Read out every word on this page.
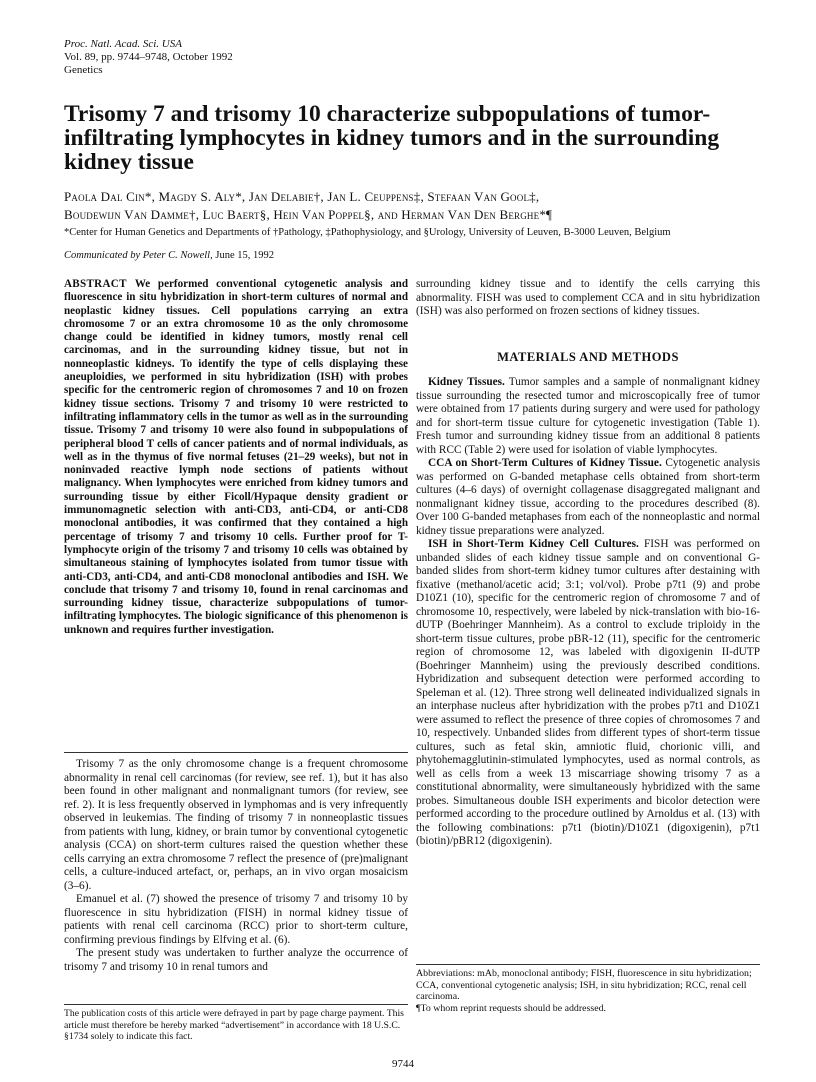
Proc. Natl. Acad. Sci. USA
Vol. 89, pp. 9744–9748, October 1992
Genetics
Trisomy 7 and trisomy 10 characterize subpopulations of tumor-infiltrating lymphocytes in kidney tumors and in the surrounding kidney tissue
Paola Dal Cin*, Magdy S. Aly*, Jan Delabie†, Jan L. Ceuppens‡, Stefaan Van Gool‡,
Boudewijn Van Damme†, Luc Baert§, Hein Van Poppel§, and Herman Van Den Berghe*¶
*Center for Human Genetics and Departments of †Pathology, ‡Pathophysiology, and §Urology, University of Leuven, B-3000 Leuven, Belgium
Communicated by Peter C. Nowell, June 15, 1992

ABSTRACT We performed conventional cytogenetic analysis and fluorescence in situ hybridization in short-term cultures of normal and neoplastic kidney tissues. Cell populations carrying an extra chromosome 7 or an extra chromosome 10 as the only chromosome change could be identified in kidney tumors, mostly renal cell carcinomas, and in the surrounding kidney tissue, but not in nonneoplastic kidneys. To identify the type of cells displaying these aneuploidies, we performed in situ hybridization (ISH) with probes specific for the centromeric region of chromosomes 7 and 10 on frozen kidney tissue sections. Trisomy 7 and trisomy 10 were restricted to infiltrating inflammatory cells in the tumor as well as in the surrounding tissue. Trisomy 7 and trisomy 10 were also found in subpopulations of peripheral blood T cells of cancer patients and of normal individuals, as well as in the thymus of five normal fetuses (21–29 weeks), but not in noninvaded reactive lymph node sections of patients without malignancy. When lymphocytes were enriched from kidney tumors and surrounding tissue by either Ficoll/Hypaque density gradient or immunomagnetic selection with anti-CD3, anti-CD4, or anti-CD8 monoclonal antibodies, it was confirmed that they contained a high percentage of trisomy 7 and trisomy 10 cells. Further proof for T-lymphocyte origin of the trisomy 7 and trisomy 10 cells was obtained by simultaneous staining of lymphocytes isolated from tumor tissue with anti-CD3, anti-CD4, and anti-CD8 monoclonal antibodies and ISH. We conclude that trisomy 7 and trisomy 10, found in renal carcinomas and surrounding kidney tissue, characterize subpopulations of tumor-infiltrating lymphocytes. The biologic significance of this phenomenon is unknown and requires further investigation.

Trisomy 7 as the only chromosome change is a frequent chromosome abnormality in renal cell carcinomas (for review, see ref. 1), but it has also been found in other malignant and nonmalignant tumors (for review, see ref. 2). It is less frequently observed in lymphomas and is very infrequently observed in leukemias. The finding of trisomy 7 in nonneoplastic tissues from patients with lung, kidney, or brain tumor by conventional cytogenetic analysis (CCA) on short-term cultures raised the question whether these cells carrying an extra chromosome 7 reflect the presence of (pre)malignant cells, a culture-induced artefact, or, perhaps, an in vivo organ mosaicism (3–6).

Emanuel et al. (7) showed the presence of trisomy 7 and trisomy 10 by fluorescence in situ hybridization (FISH) in normal kidney tissue of patients with renal cell carcinoma (RCC) prior to short-term culture, confirming previous findings by Elfving et al. (6).

The present study was undertaken to further analyze the occurrence of trisomy 7 and trisomy 10 in renal tumors and

The publication costs of this article were defrayed in part by page charge payment. This article must therefore be hereby marked “advertisement” in accordance with 18 U.S.C. §1734 solely to indicate this fact.

surrounding kidney tissue and to identify the cells carrying this abnormality. FISH was used to complement CCA and in situ hybridization (ISH) was also performed on frozen sections of kidney tissues.

MATERIALS AND METHODS

Kidney Tissues. Tumor samples and a sample of nonmalignant kidney tissue surrounding the resected tumor and microscopically free of tumor were obtained from 17 patients during surgery and were used for pathology and for short-term tissue culture for cytogenetic investigation (Table 1). Fresh tumor and surrounding kidney tissue from an additional 8 patients with RCC (Table 2) were used for isolation of viable lymphocytes.

CCA on Short-Term Cultures of Kidney Tissue. Cytogenetic analysis was performed on G-banded metaphase cells obtained from short-term cultures (4–6 days) of overnight collagenase disaggregated malignant and nonmalignant kidney tissue, according to the procedures described (8). Over 100 G-banded metaphases from each of the nonneoplastic and normal kidney tissue preparations were analyzed.

ISH in Short-Term Kidney Cell Cultures. FISH was performed on unbanded slides of each kidney tissue sample and on conventional G-banded slides from short-term kidney tumor cultures after destaining with fixative (methanol/acetic acid; 3:1; vol/vol). Probe p7t1 (9) and probe D10Z1 (10), specific for the centromeric region of chromosome 7 and of chromosome 10, respectively, were labeled by nick-translation with bio-16-dUTP (Boehringer Mannheim). As a control to exclude triploidy in the short-term tissue cultures, probe pBR-12 (11), specific for the centromeric region of chromosome 12, was labeled with digoxigenin II-dUTP (Boehringer Mannheim) using the previously described conditions. Hybridization and subsequent detection were performed according to Speleman et al. (12). Three strong well delineated individualized signals in an interphase nucleus after hybridization with the probes p7t1 and D10Z1 were assumed to reflect the presence of three copies of chromosomes 7 and 10, respectively. Unbanded slides from different types of short-term tissue cultures, such as fetal skin, amniotic fluid, chorionic villi, and phytohemagglutinin-stimulated lymphocytes, used as normal controls, as well as cells from a week 13 miscarriage showing trisomy 7 as a constitutional abnormality, were simultaneously hybridized with the same probes. Simultaneous double ISH experiments and bicolor detection were performed according to the procedure outlined by Arnoldus et al. (13) with the following combinations: p7t1 (biotin)/D10Z1 (digoxigenin), p7t1 (biotin)/pBR12 (digoxigenin).

Abbreviations: mAb, monoclonal antibody; FISH, fluorescence in situ hybridization; CCA, conventional cytogenetic analysis; ISH, in situ hybridization; RCC, renal cell carcinoma.
¶To whom reprint requests should be addressed.
9744
